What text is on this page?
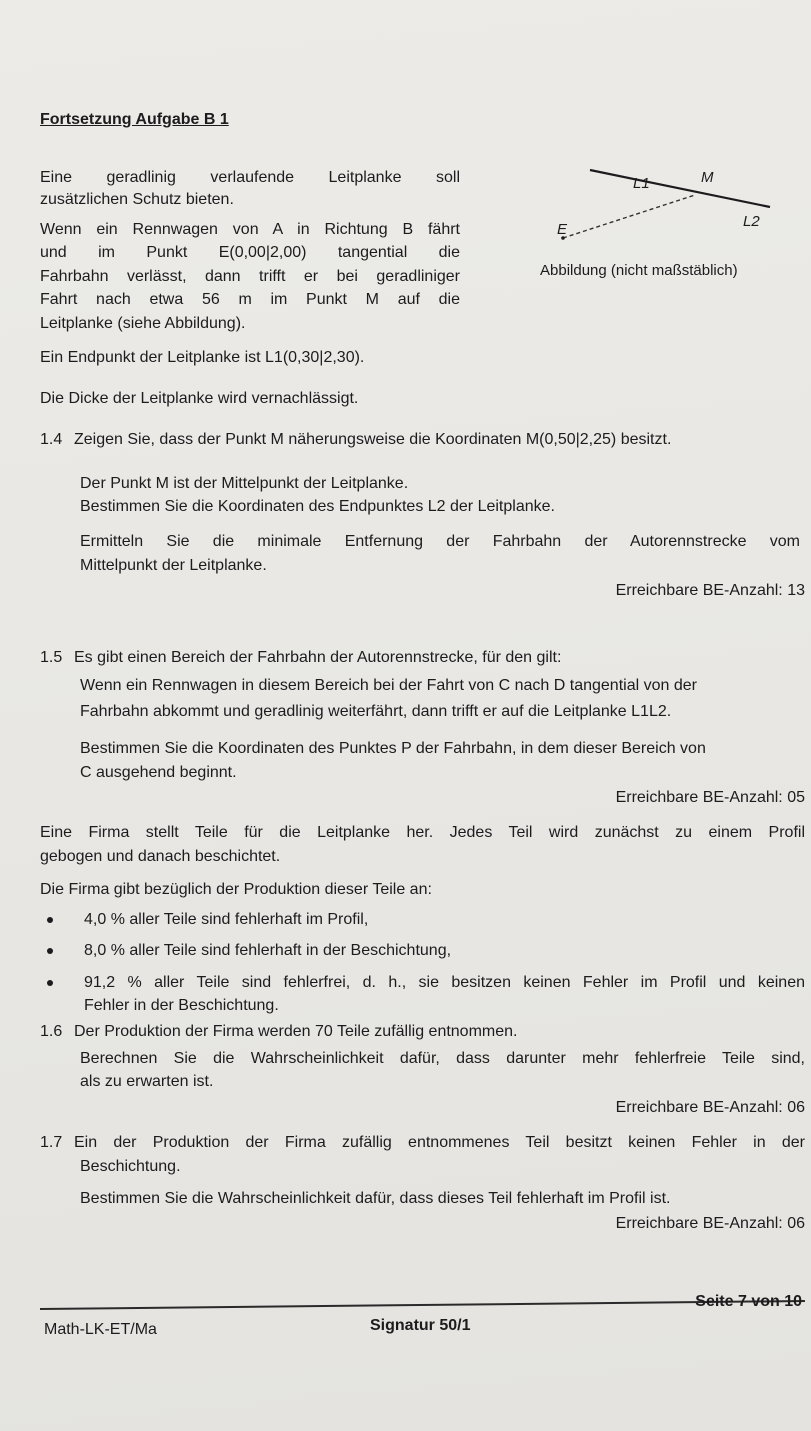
Fortsetzung Aufgabe B 1
Eine geradlinig verlaufende Leitplanke soll
zusätzlichen Schutz bieten.
Wenn ein Rennwagen von A in Richtung B fährt
und im Punkt E(0,00|2,00) tangential die
Fahrbahn verlässt, dann trifft er bei geradliniger
Fahrt nach etwa 56 m im Punkt M auf die
Leitplanke (siehe Abbildung).
Ein Endpunkt der Leitplanke ist L1(0,30|2,30).
Die Dicke der Leitplanke wird vernachlässigt.
L1	M
L2
E
Abbildung (nicht maßstäblich)
1.4 Zeigen Sie, dass der Punkt M näherungsweise die Koordinaten M(0,50|2,25) besitzt.
Der Punkt M ist der Mittelpunkt der Leitplanke.
Bestimmen Sie die Koordinaten des Endpunktes L2 der Leitplanke.
Ermitteln Sie die minimale Entfernung der Fahrbahn der Autorennstrecke vom
Mittelpunkt der Leitplanke.
Erreichbare BE-Anzahl: 13
1.5 Es gibt einen Bereich der Fahrbahn der Autorennstrecke, für den gilt:
Wenn ein Rennwagen in diesem Bereich bei der Fahrt von C nach D tangential von der
Fahrbahn abkommt und geradlinig weiterfährt, dann trifft er auf die Leitplanke L1L2.
Bestimmen Sie die Koordinaten des Punktes P der Fahrbahn, in dem dieser Bereich von
C ausgehend beginnt.
Erreichbare BE-Anzahl: 05
Eine Firma stellt Teile für die Leitplanke her. Jedes Teil wird zunächst zu einem Profil
gebogen und danach beschichtet.
Die Firma gibt bezüglich der Produktion dieser Teile an:
4,0 % aller Teile sind fehlerhaft im Profil,
8,0 % aller Teile sind fehlerhaft in der Beschichtung,
91,2 % aller Teile sind fehlerfrei, d. h., sie besitzen keinen Fehler im Profil und keinen
Fehler in der Beschichtung.
1.6 Der Produktion der Firma werden 70 Teile zufällig entnommen.
Berechnen Sie die Wahrscheinlichkeit dafür, dass darunter mehr fehlerfreie Teile sind,
als zu erwarten ist.
Erreichbare BE-Anzahl: 06
1.7 Ein der Produktion der Firma zufällig entnommenes Teil besitzt keinen Fehler in der
Beschichtung.
Bestimmen Sie die Wahrscheinlichkeit dafür, dass dieses Teil fehlerhaft im Profil ist.
Erreichbare BE-Anzahl: 06
Math-LK-ET/Ma	Signatur 50/1
Seite 7 von 10
